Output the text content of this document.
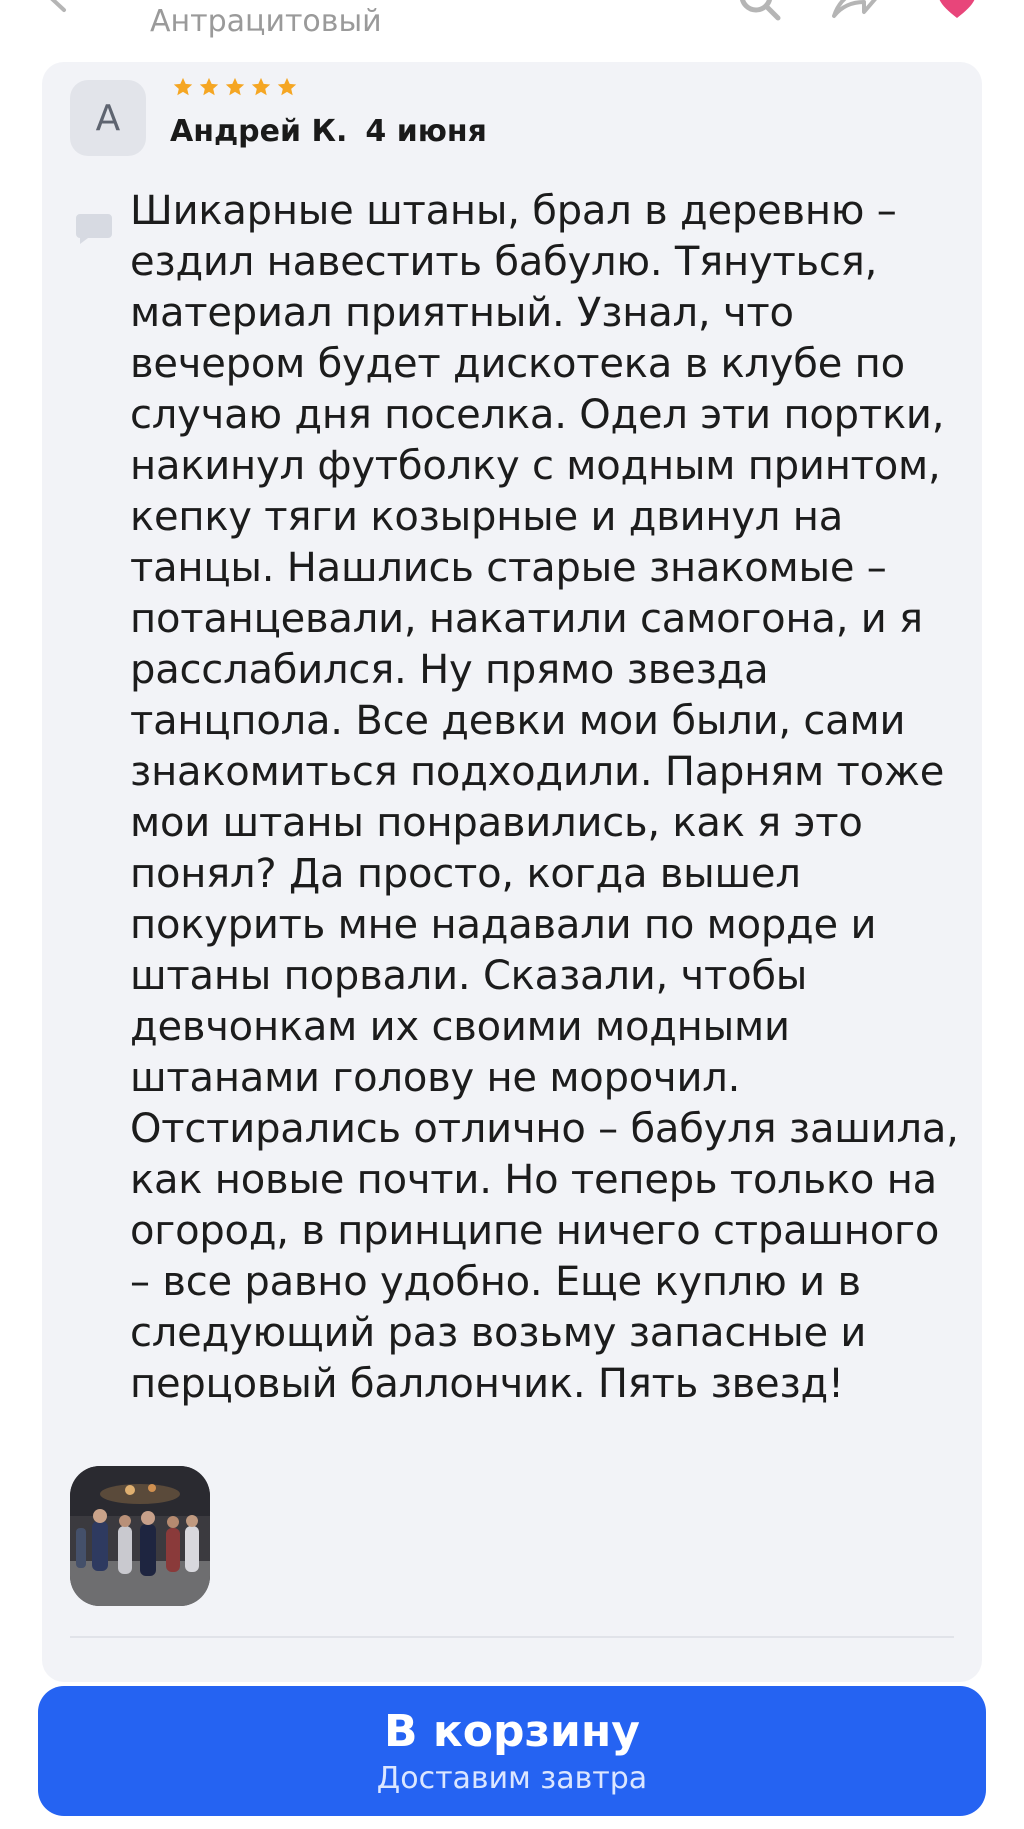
Антрацитовый
А	Андрей К. 4 июня
Шикарные штаны, брал в деревню – ездил навестить бабулю. Тянуться, материал приятный. Узнал, что вечером будет дискотека в клубе по случаю дня поселка. Одел эти портки, накинул футболку с модным принтом, кепку тяги козырные и двинул на танцы. Нашлись старые знакомые – потанцевали, накатили самогона, и я расслабился. Ну прямо звезда танцпола. Все девки мои были, сами знакомиться подходили. Парням тоже мои штаны понравились, как я это понял? Да просто, когда вышел покурить мне надавали по морде и штаны порвали. Сказали, чтобы девчонкам их своими модными штанами голову не морочил. Отстирались отлично – бабуля зашила, как новые почти. Но теперь только на огород, в принципе ничего страшного – все равно удобно. Еще куплю и в следующий раз возьму запасные и перцовый баллончик. Пять звезд!
В корзину
Доставим завтра
